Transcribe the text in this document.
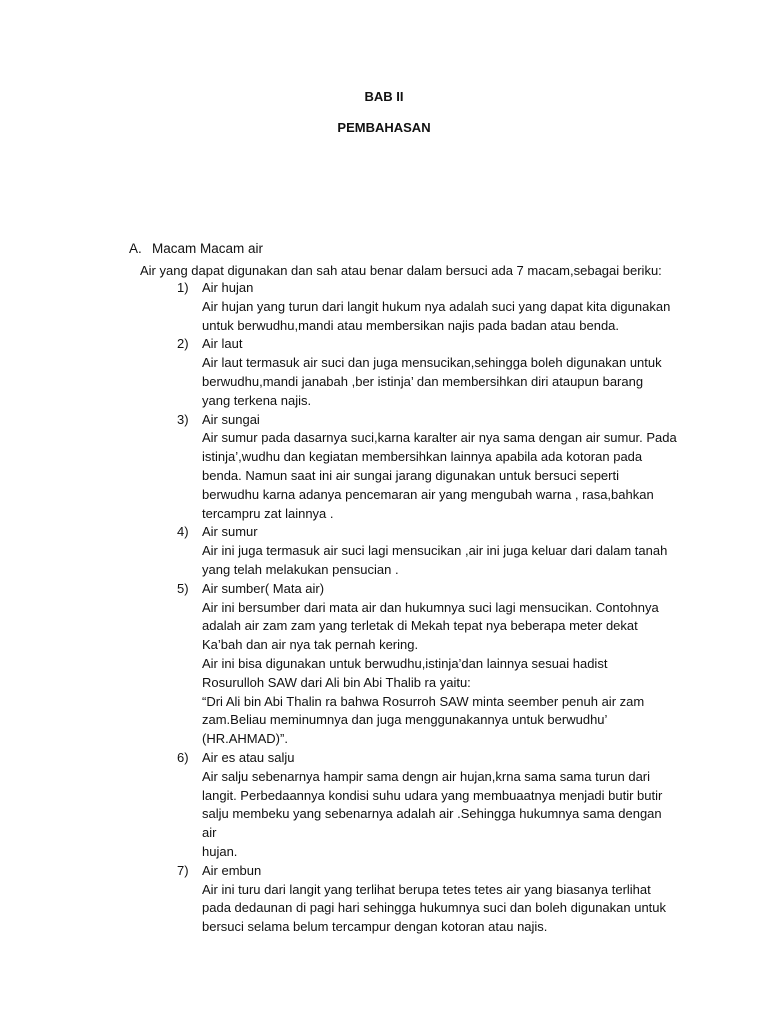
BAB II
PEMBAHASAN
A. Macam Macam air
Air yang dapat digunakan dan sah atau benar dalam bersuci ada 7 macam,sebagai beriku:
1)	Air hujan
Air hujan yang turun dari langit hukum nya adalah suci yang dapat kita digunakan
untuk berwudhu,mandi atau membersikan najis pada badan atau benda.
2)	Air laut
Air laut termasuk air suci dan juga mensucikan,sehingga boleh digunakan untuk
berwudhu,mandi janabah ,ber istinja’ dan membersihkan diri ataupun barang
yang terkena najis.
3)	Air sungai
Air sumur pada dasarnya suci,karna karalter air nya sama dengan air sumur. Pada
istinja’,wudhu dan kegiatan membersihkan lainnya apabila ada kotoran pada
benda. Namun saat ini air sungai jarang digunakan untuk bersuci seperti
berwudhu karna adanya pencemaran air yang mengubah warna , rasa,bahkan
tercampru zat lainnya .
4)	Air sumur
Air ini juga termasuk air suci lagi mensucikan ,air ini juga keluar dari dalam tanah
yang telah melakukan pensucian .
5)	Air sumber( Mata air)
Air ini bersumber dari mata air dan hukumnya suci lagi mensucikan. Contohnya
adalah air zam zam yang terletak di Mekah tepat nya beberapa meter dekat
Ka’bah dan air nya tak pernah kering.
Air ini bisa digunakan untuk berwudhu,istinja’dan lainnya sesuai hadist
Rosurulloh SAW dari Ali bin Abi Thalib ra yaitu:
“Dri Ali bin Abi Thalin ra bahwa Rosurroh SAW minta seember penuh air zam
zam.Beliau meminumnya dan juga menggunakannya untuk berwudhu’
(HR.AHMAD)”.
6)	Air es atau salju
Air salju sebenarnya hampir sama dengn air hujan,krna sama sama turun dari
langit. Perbedaannya kondisi suhu udara yang membuaatnya menjadi butir butir
salju membeku yang sebenarnya adalah air .Sehingga hukumnya sama dengan air
hujan.
7)	Air embun
Air ini turu dari langit yang terlihat berupa tetes tetes air yang biasanya terlihat
pada dedaunan di pagi hari sehingga hukumnya suci dan boleh digunakan untuk
bersuci selama belum tercampur dengan kotoran atau najis.
